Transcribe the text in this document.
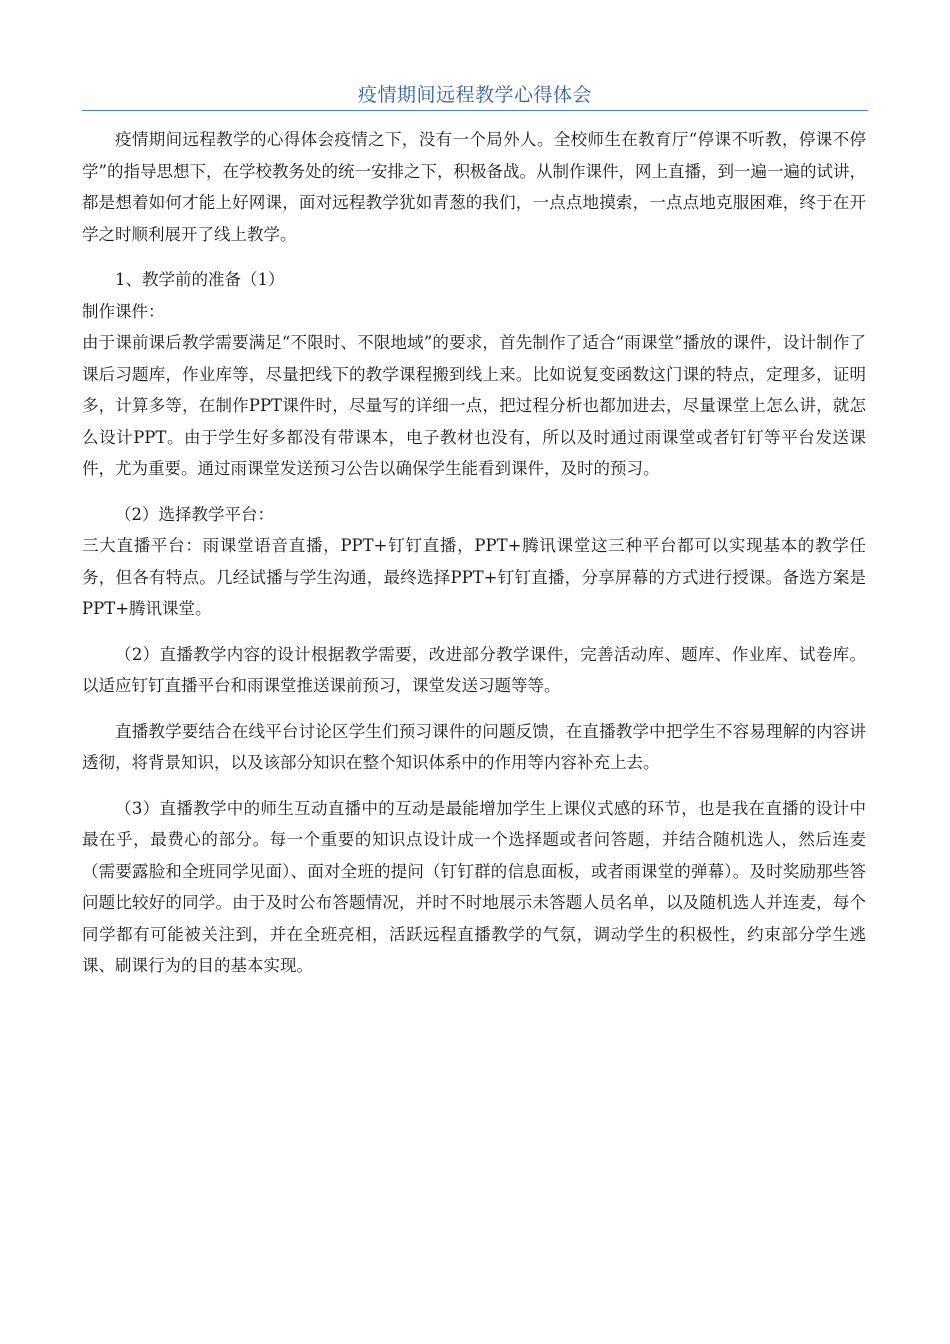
疫情期间远程教学心得体会

疫情期间远程教学的心得体会疫情之下，没有一个局外人。全校师生在教育厅“停课不听教，停课不停学”的指导思想下，在学校教务处的统一安排之下，积极备战。从制作课件，网上直播，到一遍一遍的试讲，都是想着如何才能上好网课，面对远程教学犹如青葱的我们，一点点地摸索，一点点地克服困难，终于在开学之时顺利展开了线上教学。

1、教学前的准备（1）

制作课件：

由于课前课后教学需要满足“不限时、不限地域”的要求，首先制作了适合“雨课堂”播放的课件，设计制作了课后习题库，作业库等，尽量把线下的教学课程搬到线上来。比如说复变函数这门课的特点，定理多，证明多，计算多等，在制作PPT课件时，尽量写的详细一点，把过程分析也都加进去，尽量课堂上怎么讲，就怎么设计PPT。由于学生好多都没有带课本，电子教材也没有，所以及时通过雨课堂或者钉钉等平台发送课件，尤为重要。通过雨课堂发送预习公告以确保学生能看到课件，及时的预习。

（2）选择教学平台：

三大直播平台：雨课堂语音直播，PPT+钉钉直播，PPT+腾讯课堂这三种平台都可以实现基本的教学任务，但各有特点。几经试播与学生沟通，最终选择PPT+钉钉直播，分享屏幕的方式进行授课。备选方案是PPT+腾讯课堂。

（2）直播教学内容的设计根据教学需要，改进部分教学课件，完善活动库、题库、作业库、试卷库。以适应钉钉直播平台和雨课堂推送课前预习，课堂发送习题等等。

直播教学要结合在线平台讨论区学生们预习课件的问题反馈，在直播教学中把学生不容易理解的内容讲透彻，将背景知识，以及该部分知识在整个知识体系中的作用等内容补充上去。

（3）直播教学中的师生互动直播中的互动是最能增加学生上课仪式感的环节，也是我在直播的设计中最在乎，最费心的部分。每一个重要的知识点设计成一个选择题或者问答题，并结合随机选人，然后连麦（需要露脸和全班同学见面）、面对全班的提问（钉钉群的信息面板，或者雨课堂的弹幕）。及时奖励那些答问题比较好的同学。由于及时公布答题情况，并时不时地展示未答题人员名单，以及随机选人并连麦，每个同学都有可能被关注到，并在全班亮相，活跃远程直播教学的气氛，调动学生的积极性，约束部分学生逃课、刷课行为的目的基本实现。
